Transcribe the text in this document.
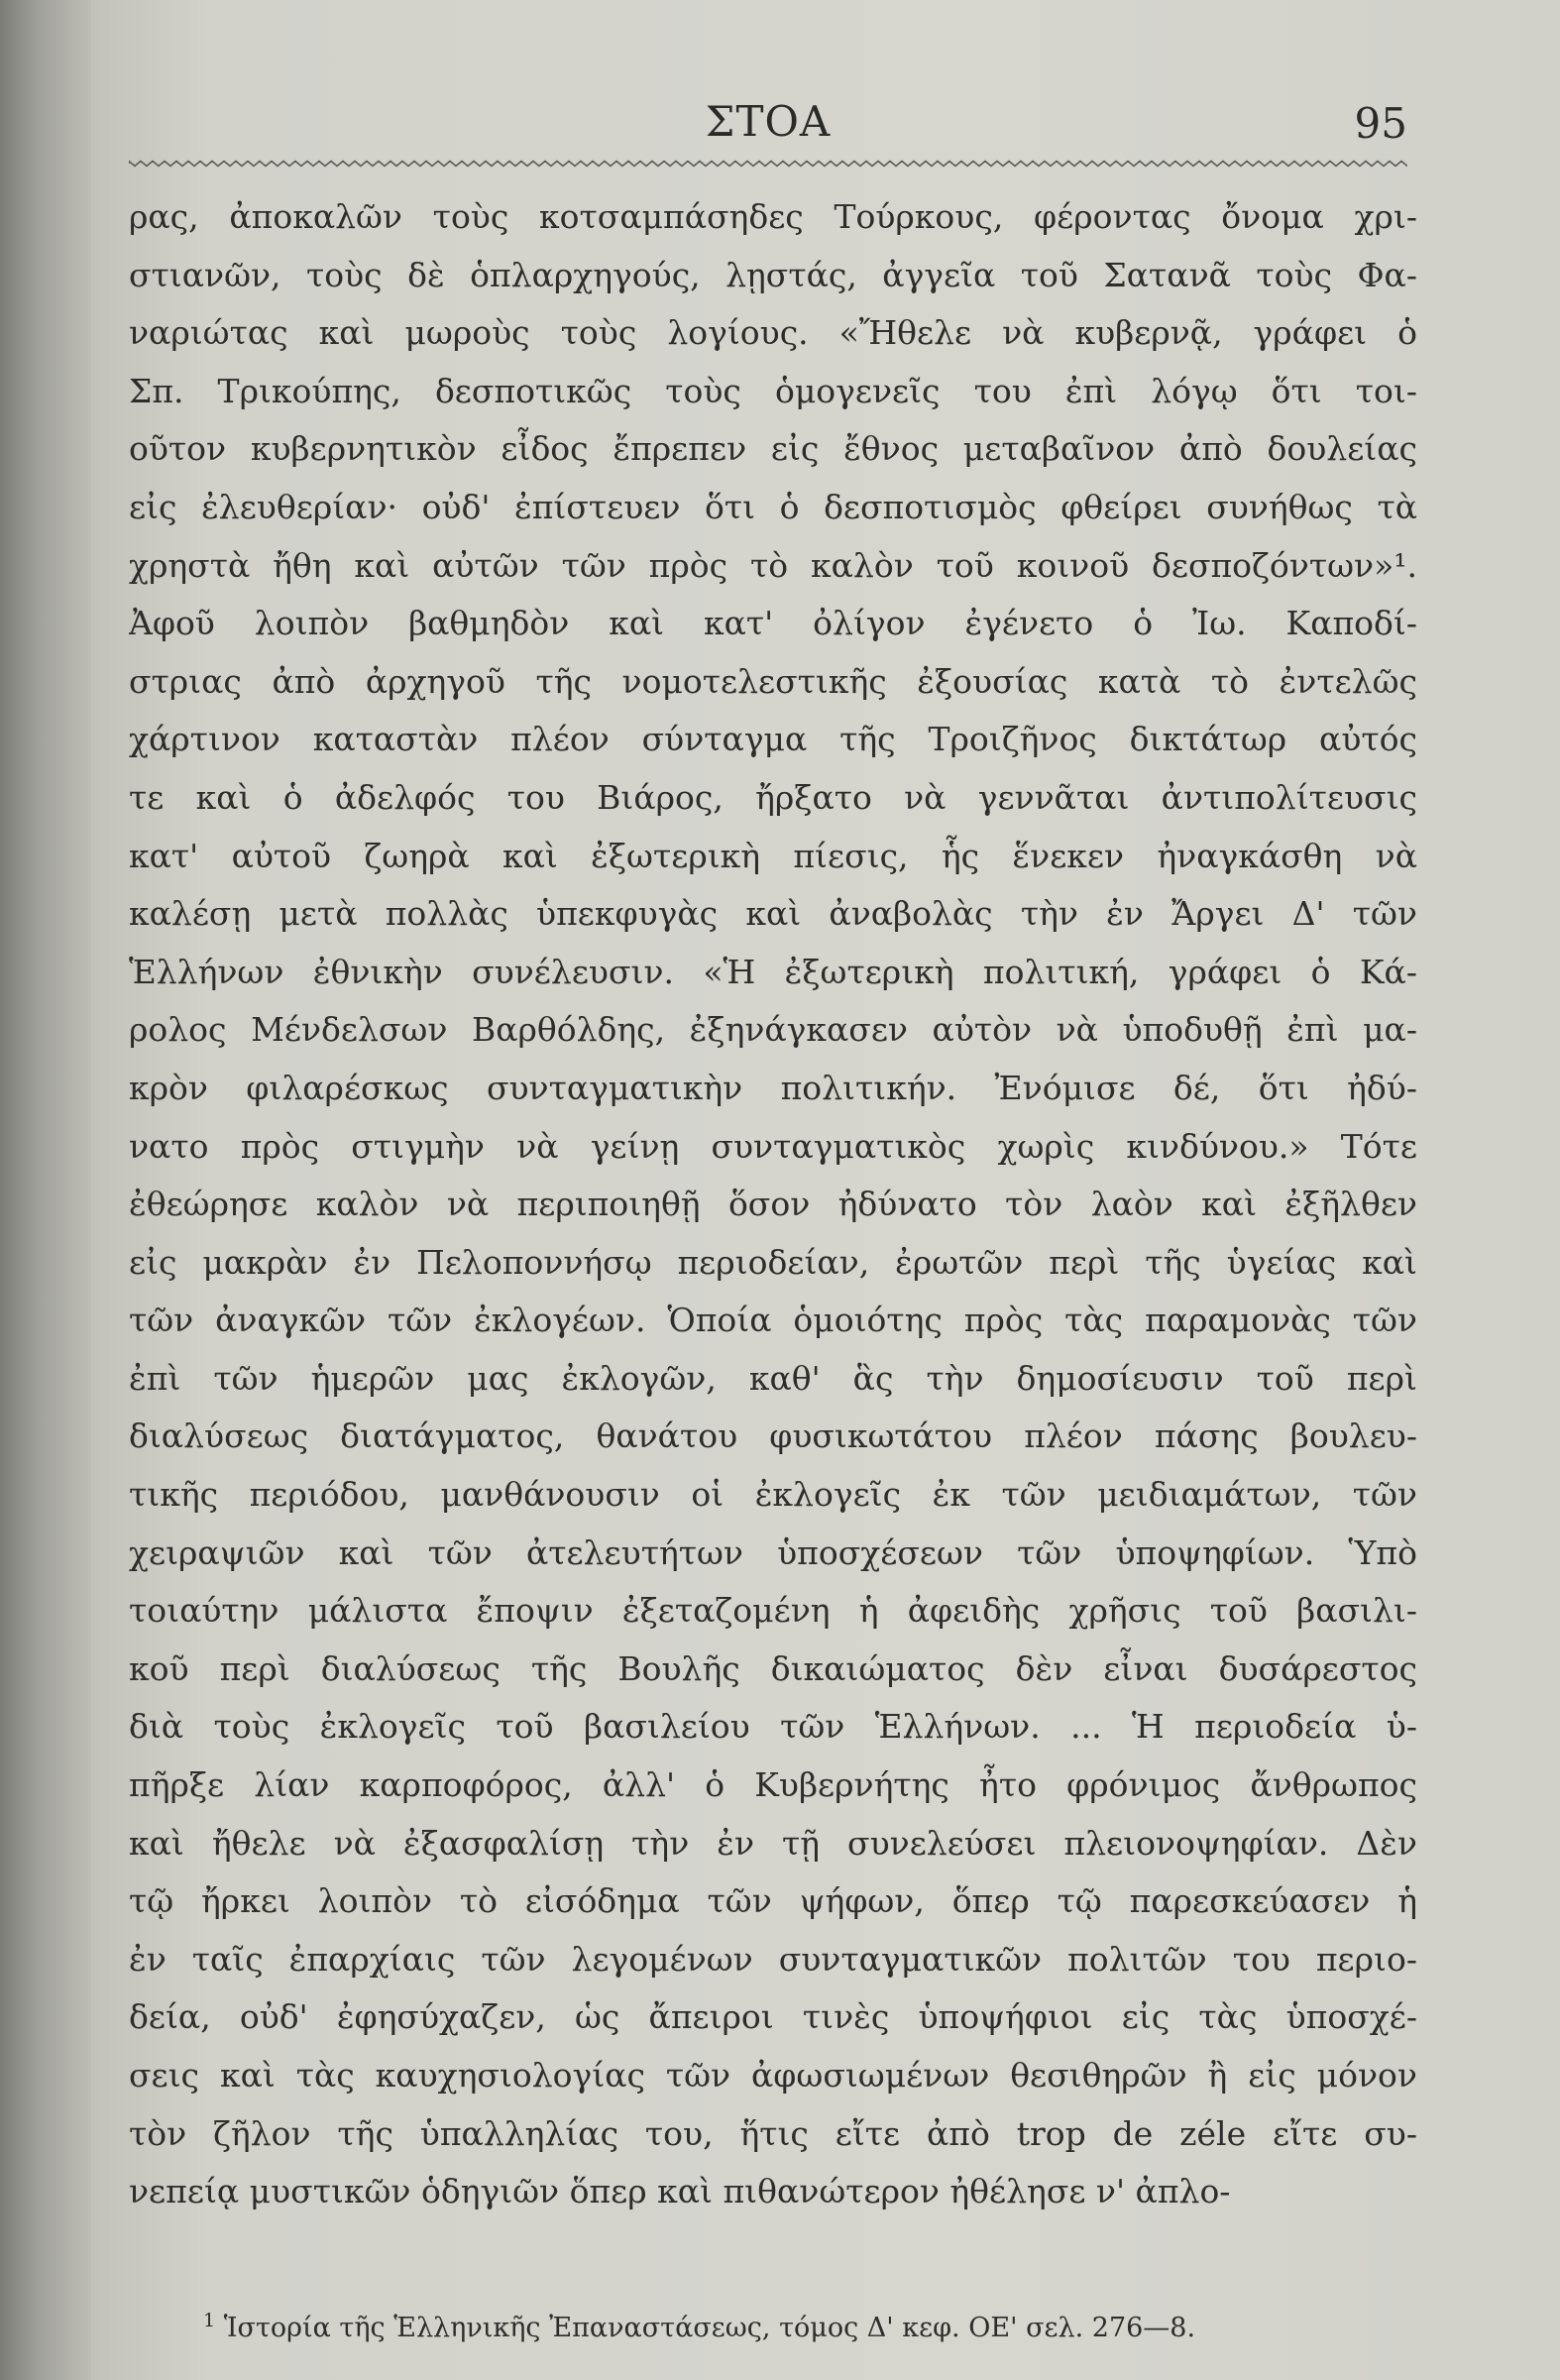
ΣΤΟΑ	95
ρας, ἀποκαλῶν τοὺς κοτσαμπάσηδες Τούρκους, φέροντας ὄνομα χρι-
στιανῶν, τοὺς δὲ ὁπλαρχηγούς, λῃστάς, ἀγγεῖα τοῦ Σατανᾶ τοὺς Φα-
ναριώτας καὶ μωροὺς τοὺς λογίους. «Ἤθελε νὰ κυβερνᾷ, γράφει ὁ
Σπ. Τρικούπης, δεσποτικῶς τοὺς ὁμογενεῖς του ἐπὶ λόγῳ ὅτι τοι-
οῦτον κυβερνητικὸν εἶδος ἔπρεπεν εἰς ἔθνος μεταβαῖνον ἀπὸ δουλείας
εἰς ἐλευθερίαν· οὐδ' ἐπίστευεν ὅτι ὁ δεσποτισμὸς φθείρει συνήθως τὰ
χρηστὰ ἤθη καὶ αὐτῶν τῶν πρὸς τὸ καλὸν τοῦ κοινοῦ δεσποζόντων»¹.
Ἀφοῦ λοιπὸν βαθμηδὸν καὶ κατ' ὀλίγον ἐγένετο ὁ Ἰω. Καποδί-
στριας ἀπὸ ἀρχηγοῦ τῆς νομοτελεστικῆς ἐξουσίας κατὰ τὸ ἐντελῶς
χάρτινον καταστὰν πλέον σύνταγμα τῆς Τροιζῆνος δικτάτωρ αὐτός
τε καὶ ὁ ἀδελφός του Βιάρος, ἤρξατο νὰ γεννᾶται ἀντιπολίτευσις
κατ' αὐτοῦ ζωηρὰ καὶ ἐξωτερικὴ πίεσις, ἧς ἕνεκεν ἠναγκάσθη νὰ
καλέσῃ μετὰ πολλὰς ὑπεκφυγὰς καὶ ἀναβολὰς τὴν ἐν Ἄργει Δ' τῶν
Ἑλλήνων ἐθνικὴν συνέλευσιν. «Ἡ ἐξωτερικὴ πολιτική, γράφει ὁ Κά-
ρολος Μένδελσων Βαρθόλδης, ἐξηνάγκασεν αὐτὸν νὰ ὑποδυθῇ ἐπὶ μα-
κρὸν φιλαρέσκως συνταγματικὴν πολιτικήν. Ἐνόμισε δέ, ὅτι ἠδύ-
νατο πρὸς στιγμὴν νὰ γείνῃ συνταγματικὸς χωρὶς κινδύνου.» Τότε
ἐθεώρησε καλὸν νὰ περιποιηθῇ ὅσον ἠδύνατο τὸν λαὸν καὶ ἐξῆλθεν
εἰς μακρὰν ἐν Πελοποννήσῳ περιοδείαν, ἐρωτῶν περὶ τῆς ὑγείας καὶ
τῶν ἀναγκῶν τῶν ἐκλογέων. Ὁποία ὁμοιότης πρὸς τὰς παραμονὰς τῶν
ἐπὶ τῶν ἡμερῶν μας ἐκλογῶν, καθ' ἃς τὴν δημοσίευσιν τοῦ περὶ
διαλύσεως διατάγματος, θανάτου φυσικωτάτου πλέον πάσης βουλευ-
τικῆς περιόδου, μανθάνουσιν οἱ ἐκλογεῖς ἐκ τῶν μειδιαμάτων, τῶν
χειραψιῶν καὶ τῶν ἀτελευτήτων ὑποσχέσεων τῶν ὑποψηφίων. Ὑπὸ
τοιαύτην μάλιστα ἔποψιν ἐξεταζομένη ἡ ἀφειδὴς χρῆσις τοῦ βασιλι-
κοῦ περὶ διαλύσεως τῆς Βουλῆς δικαιώματος δὲν εἶναι δυσάρεστος
διὰ τοὺς ἐκλογεῖς τοῦ βασιλείου τῶν Ἑλλήνων. ... Ἡ περιοδεία ὑ-
πῆρξε λίαν καρποφόρος, ἀλλ' ὁ Κυβερνήτης ἦτο φρόνιμος ἄνθρωπος
καὶ ἤθελε νὰ ἐξασφαλίσῃ τὴν ἐν τῇ συνελεύσει πλειονοψηφίαν. Δὲν
τῷ ἤρκει λοιπὸν τὸ εἰσόδημα τῶν ψήφων, ὅπερ τῷ παρεσκεύασεν ἡ
ἐν ταῖς ἐπαρχίαις τῶν λεγομένων συνταγματικῶν πολιτῶν του περιο-
δεία, οὐδ' ἐφησύχαζεν, ὡς ἄπειροι τινὲς ὑποψήφιοι εἰς τὰς ὑποσχέ-
σεις καὶ τὰς καυχησιολογίας τῶν ἀφωσιωμένων θεσιθηρῶν ἢ εἰς μόνον
τὸν ζῆλον τῆς ὑπαλληλίας του, ἥτις εἴτε ἀπὸ trop de zéle εἴτε συ-
νεπείᾳ μυστικῶν ὁδηγιῶν ὅπερ καὶ πιθανώτερον ἠθέλησε ν' ἀπλο-
$^1$ Ἱστορία τῆς Ἑλληνικῆς Ἐπαναστάσεως, τόμος Δ' κεφ. ΟΕ' σελ. 276—8.
